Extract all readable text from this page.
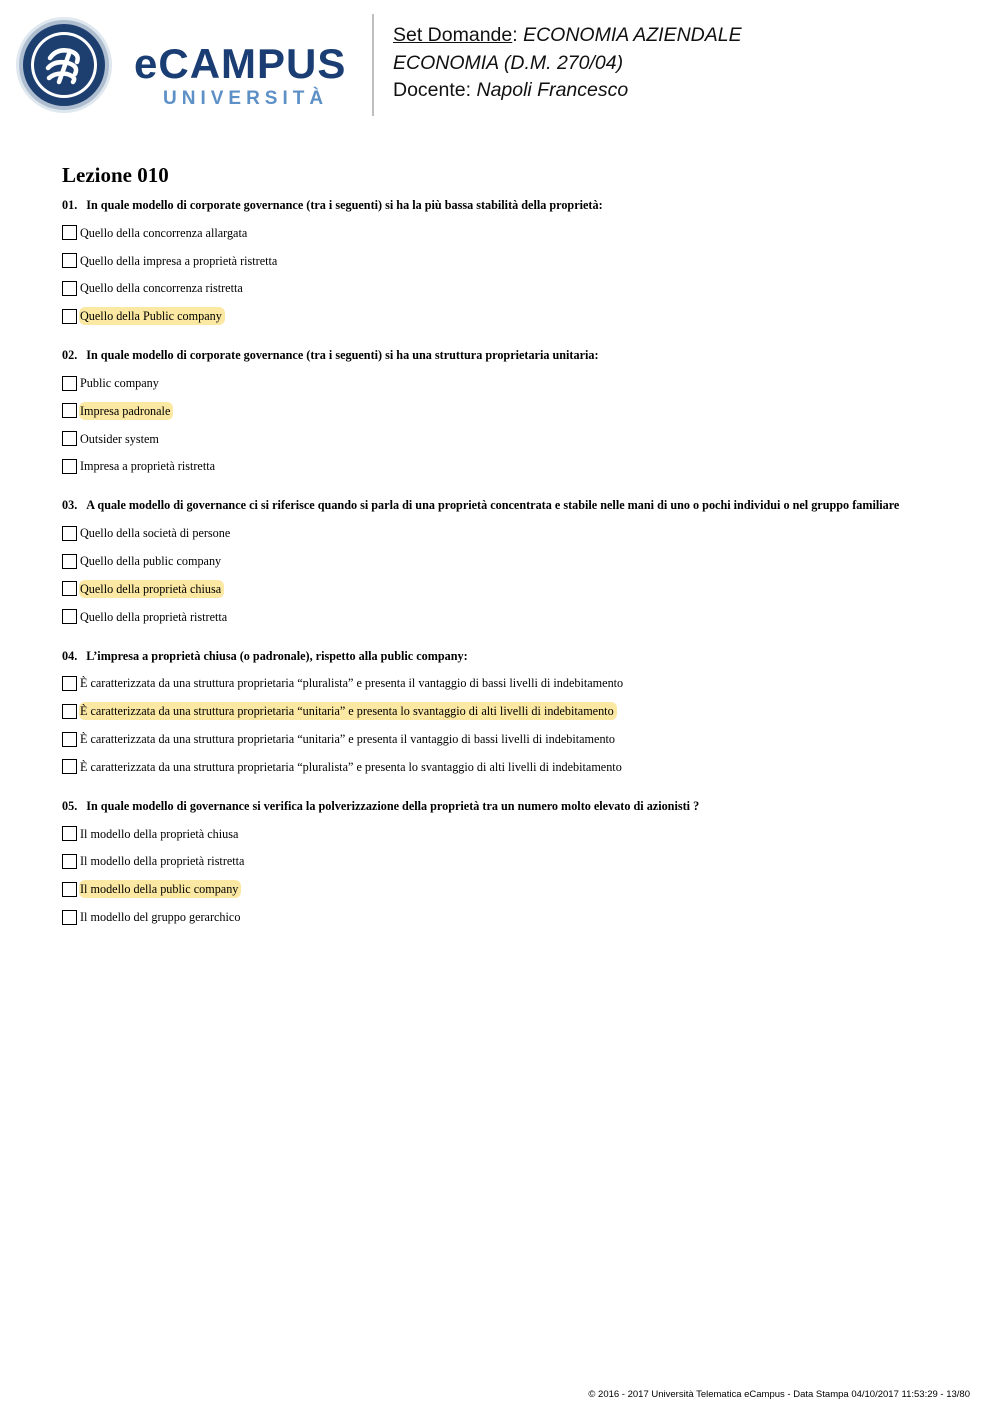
eCAMPUS
UNIVERSITÀ
Set Domande: ECONOMIA AZIENDALE
ECONOMIA (D.M. 270/04)
Docente: Napoli Francesco
Lezione 010
01. In quale modello di corporate governance (tra i seguenti) si ha la più bassa stabilità della proprietà:
Quello della concorrenza allargata
Quello della impresa a proprietà ristretta
Quello della concorrenza ristretta
Quello della Public company
02. In quale modello di corporate governance (tra i seguenti) si ha una struttura proprietaria unitaria:
Public company
Impresa padronale
Outsider system
Impresa a proprietà ristretta
03. A quale modello di governance ci si riferisce quando si parla di una proprietà concentrata e stabile nelle mani di uno o pochi individui o nel gruppo familiare
Quello della società di persone
Quello della public company
Quello della proprietà chiusa
Quello della proprietà ristretta
04. L’impresa a proprietà chiusa (o padronale), rispetto alla public company:
È caratterizzata da una struttura proprietaria “pluralista” e presenta il vantaggio di bassi livelli di indebitamento
È caratterizzata da una struttura proprietaria “unitaria” e presenta lo svantaggio di alti livelli di indebitamento
È caratterizzata da una struttura proprietaria “unitaria” e presenta il vantaggio di bassi livelli di indebitamento
È caratterizzata da una struttura proprietaria “pluralista” e presenta lo svantaggio di alti livelli di indebitamento
05. In quale modello di governance si verifica la polverizzazione della proprietà tra un numero molto elevato di azionisti ?
Il modello della proprietà chiusa
Il modello della proprietà ristretta
Il modello della public company
Il modello del gruppo gerarchico
© 2016 - 2017 Università Telematica eCampus - Data Stampa 04/10/2017 11:53:29 - 13/80
